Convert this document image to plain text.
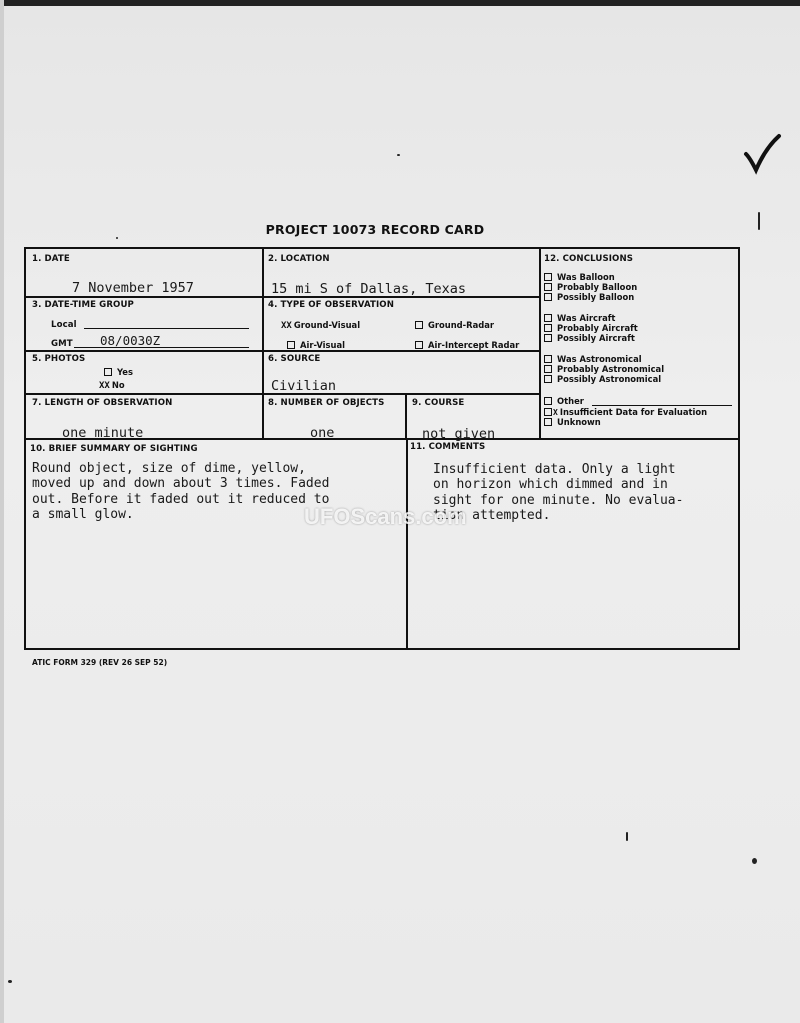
PROJECT 10073 RECORD CARD
1. DATE
7 November 1957
2. LOCATION
15 mi S of Dallas, Texas
3. DATE-TIME GROUP
Local
GMT 08/0030Z
4. TYPE OF OBSERVATION
XX Ground-Visual	Ground-Radar
Air-Visual	Air-Intercept Radar
5. PHOTOS
Yes
XX No
6. SOURCE
Civilian
7. LENGTH OF OBSERVATION
one minute
8. NUMBER OF OBJECTS
one
9. COURSE
not given
12. CONCLUSIONS
Was Balloon
Probably Balloon
Possibly Balloon
Was Aircraft
Probably Aircraft
Possibly Aircraft
Was Astronomical
Probably Astronomical
Possibly Astronomical
Other
X Insufficient Data for Evaluation
Unknown
10. BRIEF SUMMARY OF SIGHTING
Round object, size of dime, yellow,
moved up and down about 3 times. Faded
out. Before it faded out it reduced to
a small glow.
11. COMMENTS
Insufficient data. Only a light
on horizon which dimmed and in
sight for one minute. No evalua-
tion attempted.
UFOScans.com
ATIC FORM 329 (REV 26 SEP 52)
